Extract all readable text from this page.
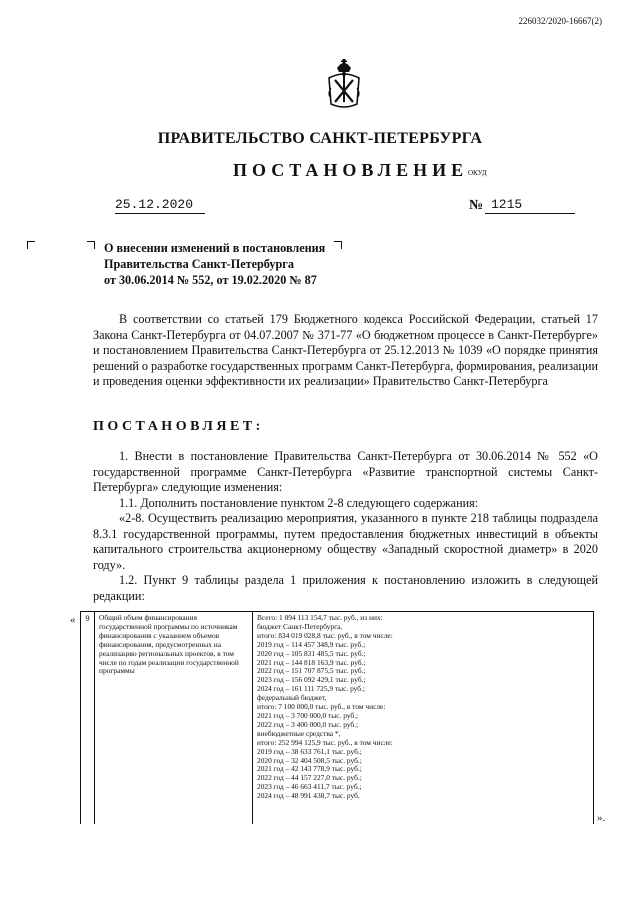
226032/2020-16667(2)
ПРАВИТЕЛЬСТВО САНКТ-ПЕТЕРБУРГА
ПОСТАНОВЛЕНИЕ ОКУД
25.12.2020	№ 1215
О внесении изменений в постановления
Правительства Санкт-Петербурга
от 30.06.2014 № 552, от 19.02.2020 № 87

В соответствии со статьей 179 Бюджетного кодекса Российской Федерации, статьей 17 Закона Санкт-Петербурга от 04.07.2007 № 371-77 «О бюджетном процессе в Санкт-Петербурге» и постановлением Правительства Санкт-Петербурга от 25.12.2013 № 1039 «О порядке принятия решений о разработке государственных программ Санкт-Петербурга, формирования, реализации и проведения оценки эффективности их реализации» Правительство Санкт-Петербурга

ПОСТАНОВЛЯЕТ:

1. Внести в постановление Правительства Санкт-Петербурга от 30.06.2014 № 552 «О государственной программе Санкт-Петербурга «Развитие транспортной системы Санкт-Петербурга» следующие изменения:

1.1. Дополнить постановление пунктом 2-8 следующего содержания:

«2-8. Осуществить реализацию мероприятия, указанного в пункте 218 таблицы подраздела 8.3.1 государственной программы, путем предоставления бюджетных инвестиций в объекты капитального строительства акционерному обществу «Западный скоростной диаметр» в 2020 году».

1.2. Пункт 9 таблицы раздела 1 приложения к постановлению изложить в следующей редакции:

«	9	Общий объем финансирования государственной программы по источникам финансирования с указанием объемов финансирования, предусмотренных на реализацию региональных проектов, в том числе по годам реализации государственной программы
Всего: 1 094 113 154,7 тыс. руб., из них:
бюджет Санкт-Петербурга,
итого: 834 019 028,8 тыс. руб., в том числе:
2019 год – 114 457 348,9 тыс. руб.;
2020 год – 105 831 485,5 тыс. руб.;
2021 год – 144 818 163,9 тыс. руб.;
2022 год – 151 707 875,5 тыс. руб.;
2023 год – 156 092 429,1 тыс. руб.;
2024 год – 161 111 725,9 тыс. руб.;
федеральный бюджет,
итого: 7 100 000,0 тыс. руб., в том числе:
2021 год – 3 700 000,0 тыс. руб.;
2022 год – 3 400 000,0 тыс. руб.;
внебюджетные средства *,
итого: 252 994 125,9 тыс. руб., в том числе:
2019 год – 38 633 761,1 тыс. руб.;
2020 год – 32 404 508,5 тыс. руб.;
2021 год – 42 143 778,9 тыс. руб.;
2022 год – 44 157 227,0 тыс. руб.;
2023 год – 46 663 411,7 тыс. руб.;
2024 год – 48 991 438,7 тыс. руб.
».
